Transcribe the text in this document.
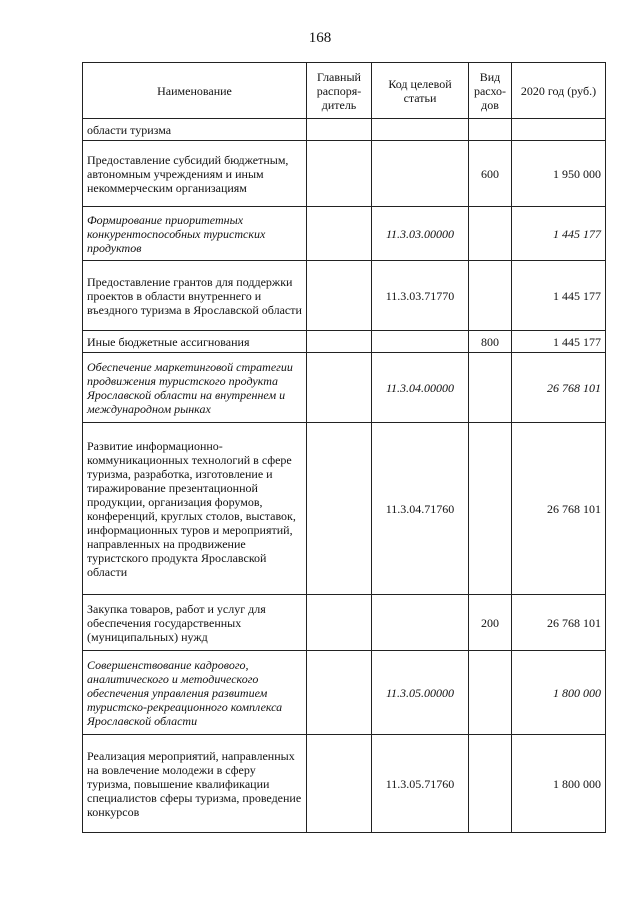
168
Наименование	Главный распоря-дитель	Код целевой статьи	Вид расхо-дов	2020 год (руб.)
области туризма				
Предоставление субсидий бюджетным, автономным учреждениям и иным некоммерческим организациям			600	1 950 000
Формирование приоритетных конкурентоспособных туристских продуктов		11.3.03.00000		1 445 177
Предоставление грантов для поддержки проектов в области внутреннего и въездного туризма в Ярославской области		11.3.03.71770		1 445 177
Иные бюджетные ассигнования			800	1 445 177
Обеспечение маркетинговой стратегии продвижения туристского продукта Ярославской области на внутреннем и международном рынках		11.3.04.00000		26 768 101
Развитие информационно-коммуникационных технологий в сфере туризма, разработка, изготовление и тиражирование презентационной продукции, организация форумов, конференций, круглых столов, выставок, информационных туров и мероприятий, направленных на продвижение туристского продукта Ярославской области		11.3.04.71760		26 768 101
Закупка товаров, работ и услуг для обеспечения государственных (муниципальных) нужд			200	26 768 101
Совершенствование кадрового, аналитического и методического обеспечения управления развитием туристско-рекреационного комплекса Ярославской области		11.3.05.00000		1 800 000
Реализация мероприятий, направленных на вовлечение молодежи в сферу туризма, повышение квалификации специалистов сферы туризма, проведение конкурсов		11.3.05.71760		1 800 000
